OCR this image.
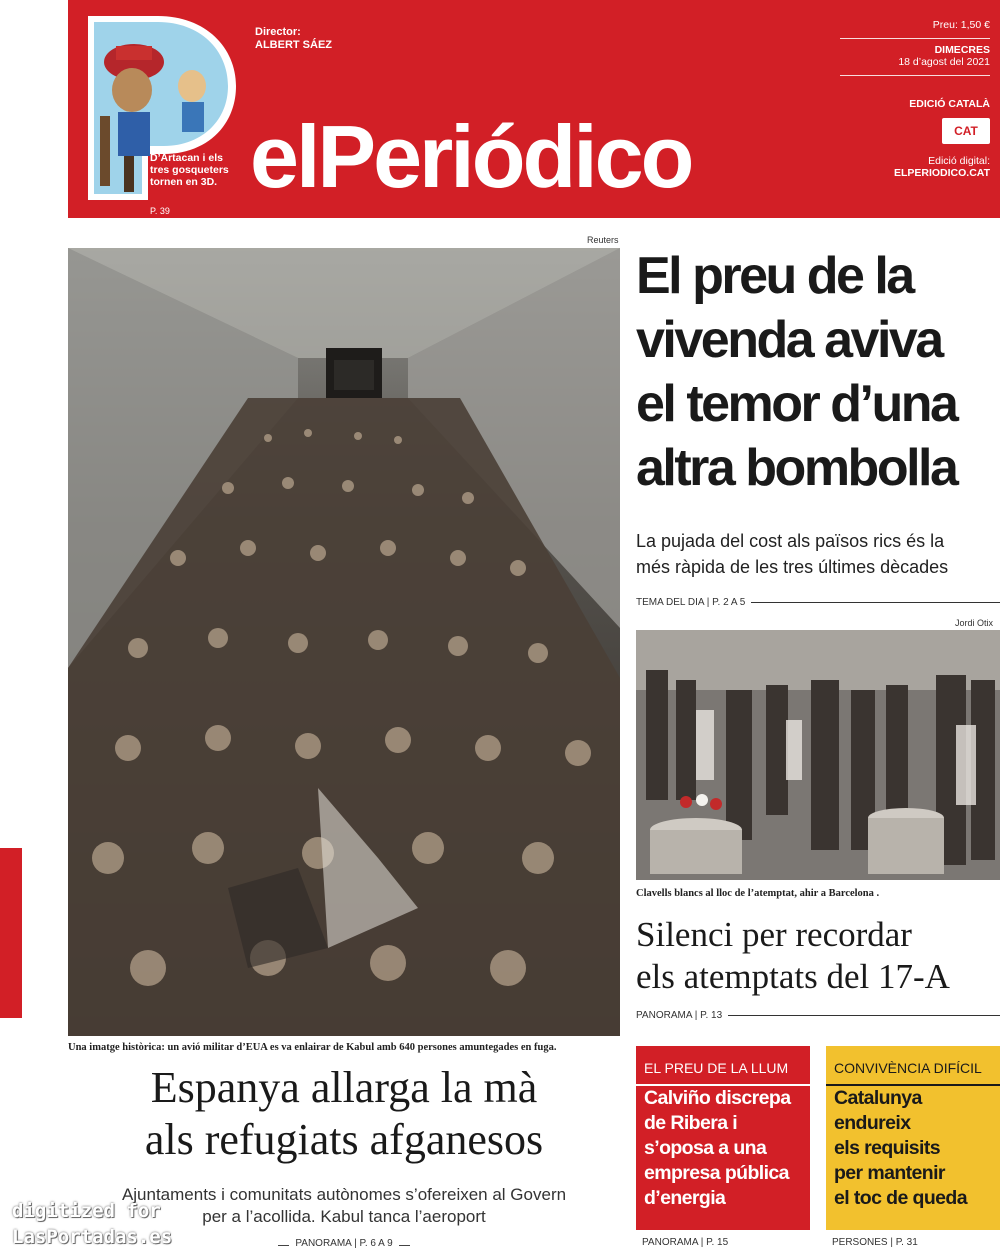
D’Artacan i els tres gosqueters tornen en 3D.
P. 39
Director:
ALBERT SÁEZ
elPeriódico
Preu: 1,50 €
DIMECRES
18 d’agost del 2021
EDICIÓ CATALÀ
CAT
Edició digital:
ELPERIODICO.CAT
Reuters
Una imatge històrica: un avió militar d’EUA es va enlairar de Kabul amb 640 persones amuntegades en fuga.
Espanya allarga la mà
als refugiats afganesos
Ajuntaments i comunitats autònomes s’ofereixen al Govern
per a l’acollida. Kabul tanca l’aeroport
PANORAMA | P. 6 A 9
digitized for
LasPortadas.es
El preu de la
vivenda aviva
el temor d’una
altra bombolla
La pujada del cost als països rics és la
més ràpida de les tres últimes dècades
TEMA DEL DIA | P. 2 A 5
Jordi Otix
Clavells blancs al lloc de l’atemptat, ahir a Barcelona .
Silenci per recordar
els atemptats del 17-A
PANORAMA | P. 13
EL PREU DE LA LLUM
Calviño discrepa
de Ribera i
s’oposa a una
empresa pública
d’energia
PANORAMA | P. 15
CONVIVÈNCIA DIFÍCIL
Catalunya
endureix
els requisits
per mantenir
el toc de queda
PERSONES | P. 31
